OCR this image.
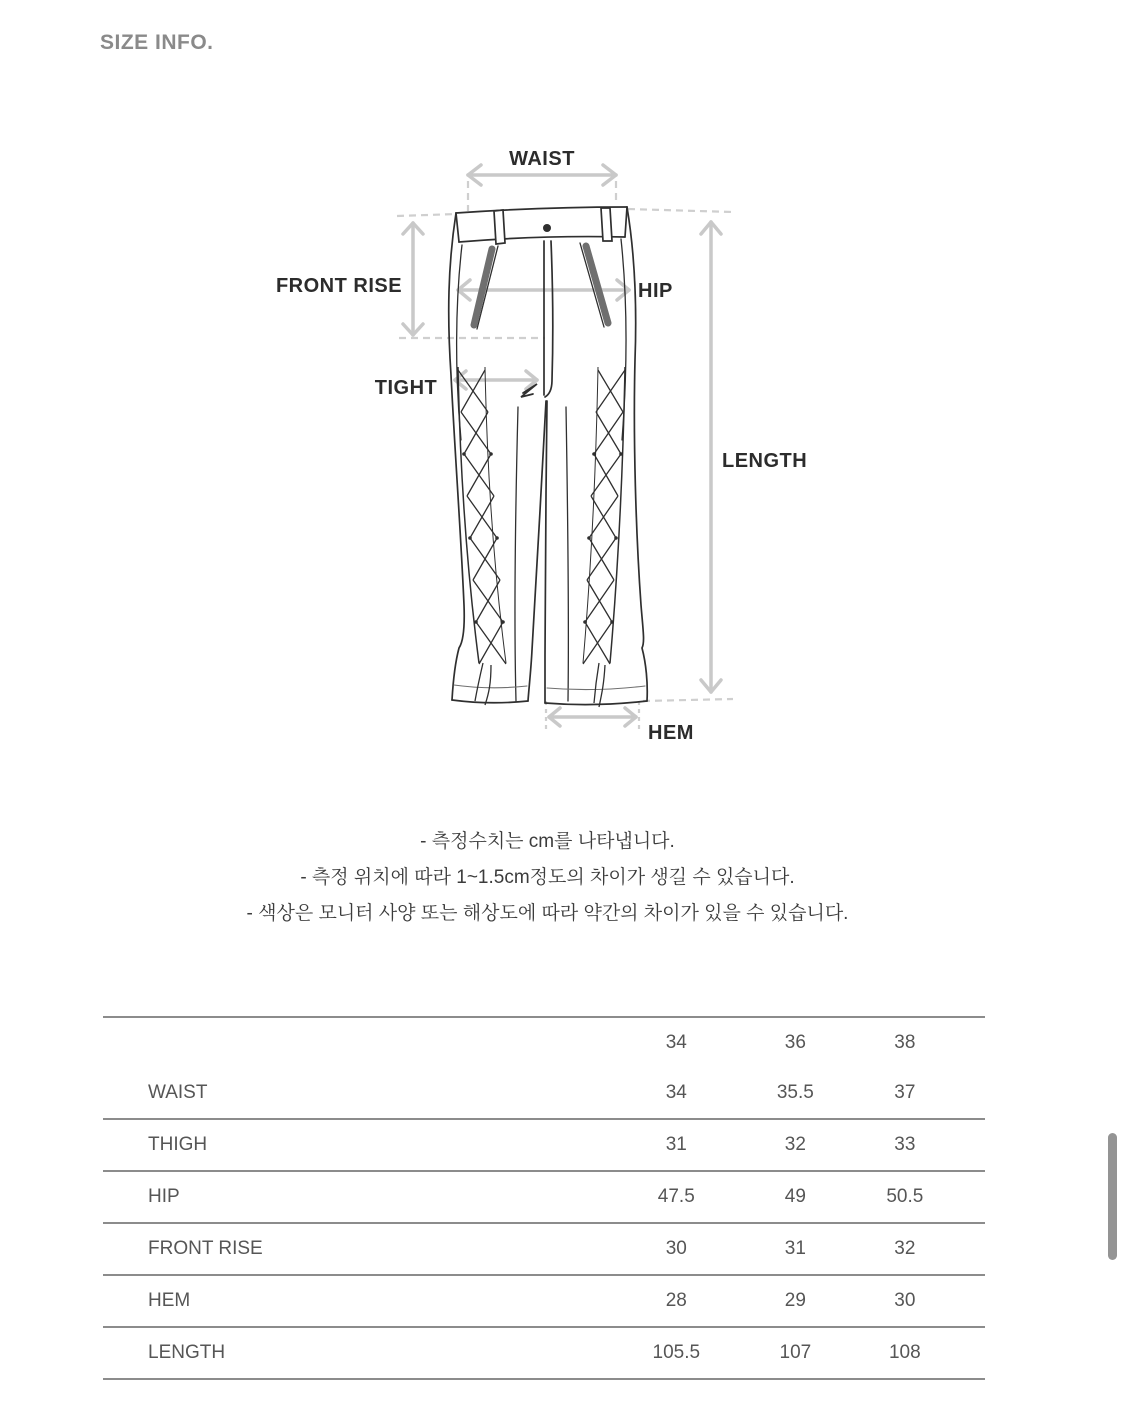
SIZE INFO.
WAIST
FRONT RISE	HIP
TIGHT
LENGTH
HEM
- 측정수치는 cm를 나타냅니다.
- 측정 위치에 따라 1~1.5cm정도의 차이가 생길 수 있습니다.
- 색상은 모니터 사양 또는 해상도에 따라 약간의 차이가 있을 수 있습니다.
	34	36	38
WAIST	34	35.5	37
THIGH	31	32	33
HIP	47.5	49	50.5
FRONT RISE	30	31	32
HEM	28	29	30
LENGTH	105.5	107	108
